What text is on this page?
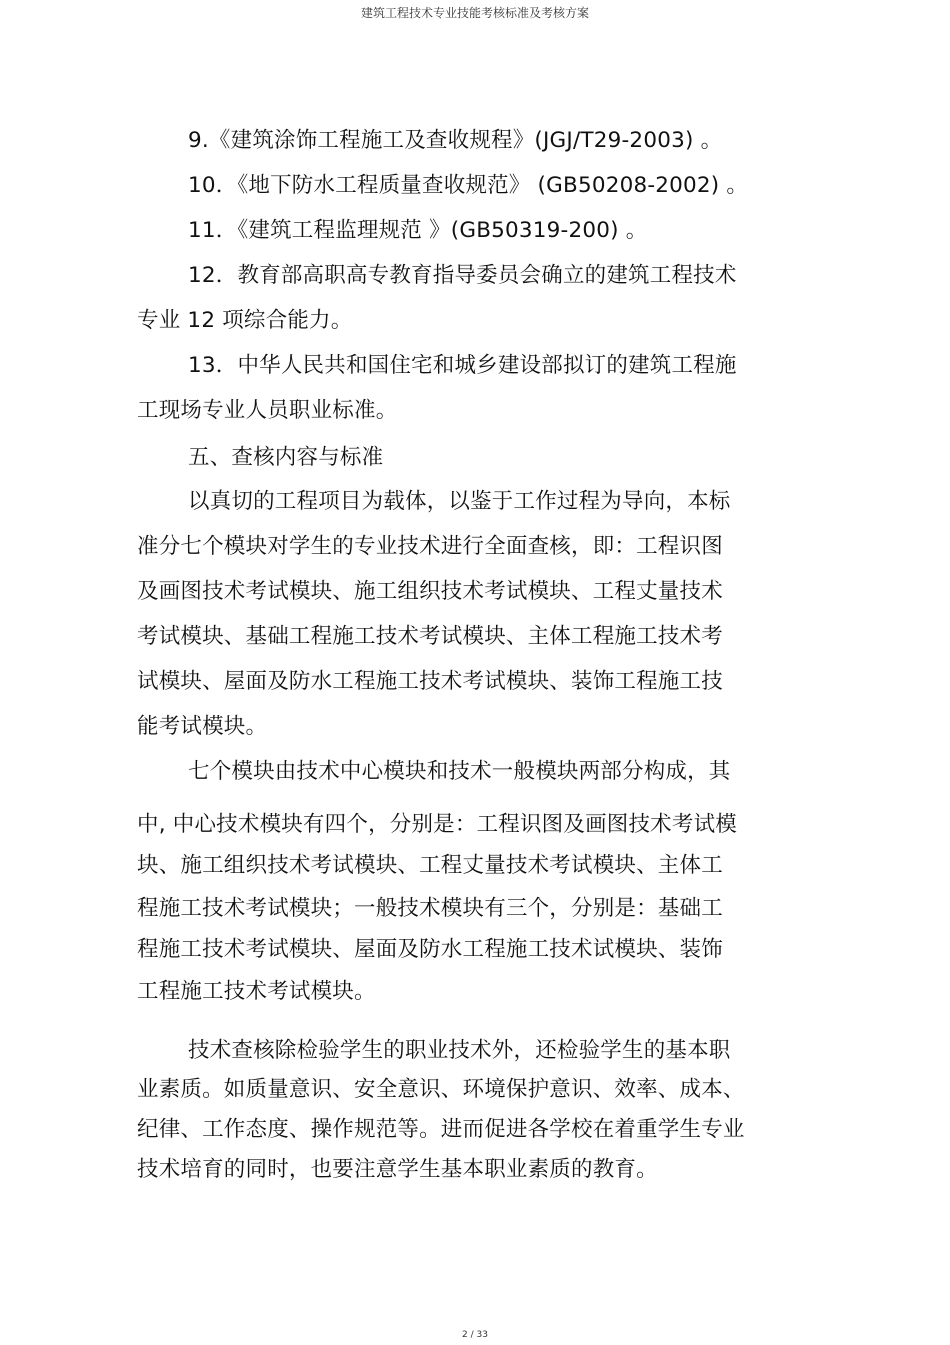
建筑工程技术专业技能考核标准及考核方案
9.《建筑涂饰工程施工及查收规程》(JGJ/T29-2003) 。
10．《地下防水工程质量查收规范》 (GB50208-2002) 。
11．《建筑工程监理规范 》(GB50319-200) 。
12．教育部高职高专教育指导委员会确立的建筑工程技术
专业 12 项综合能力。
13．中华人民共和国住宅和城乡建设部拟订的建筑工程施
工现场专业人员职业标准。
五、查核内容与标准
以真切的工程项目为载体，以鉴于工作过程为导向，本标
准分七个模块对学生的专业技术进行全面查核，即：工程识图
及画图技术考试模块、施工组织技术考试模块、工程丈量技术
考试模块、基础工程施工技术考试模块、主体工程施工技术考
试模块、屋面及防水工程施工技术考试模块、装饰工程施工技
能考试模块。
七个模块由技术中心模块和技术一般模块两部分构成，其
中, 中心技术模块有四个，分别是：工程识图及画图技术考试模
块、施工组织技术考试模块、工程丈量技术考试模块、主体工
程施工技术考试模块；一般技术模块有三个，分别是：基础工
程施工技术考试模块、屋面及防水工程施工技术试模块、装饰
工程施工技术考试模块。
技术查核除检验学生的职业技术外，还检验学生的基本职
业素质。如质量意识、安全意识、环境保护意识、效率、成本、
纪律、工作态度、操作规范等。进而促进各学校在着重学生专业
技术培育的同时，也要注意学生基本职业素质的教育。
2 / 33
